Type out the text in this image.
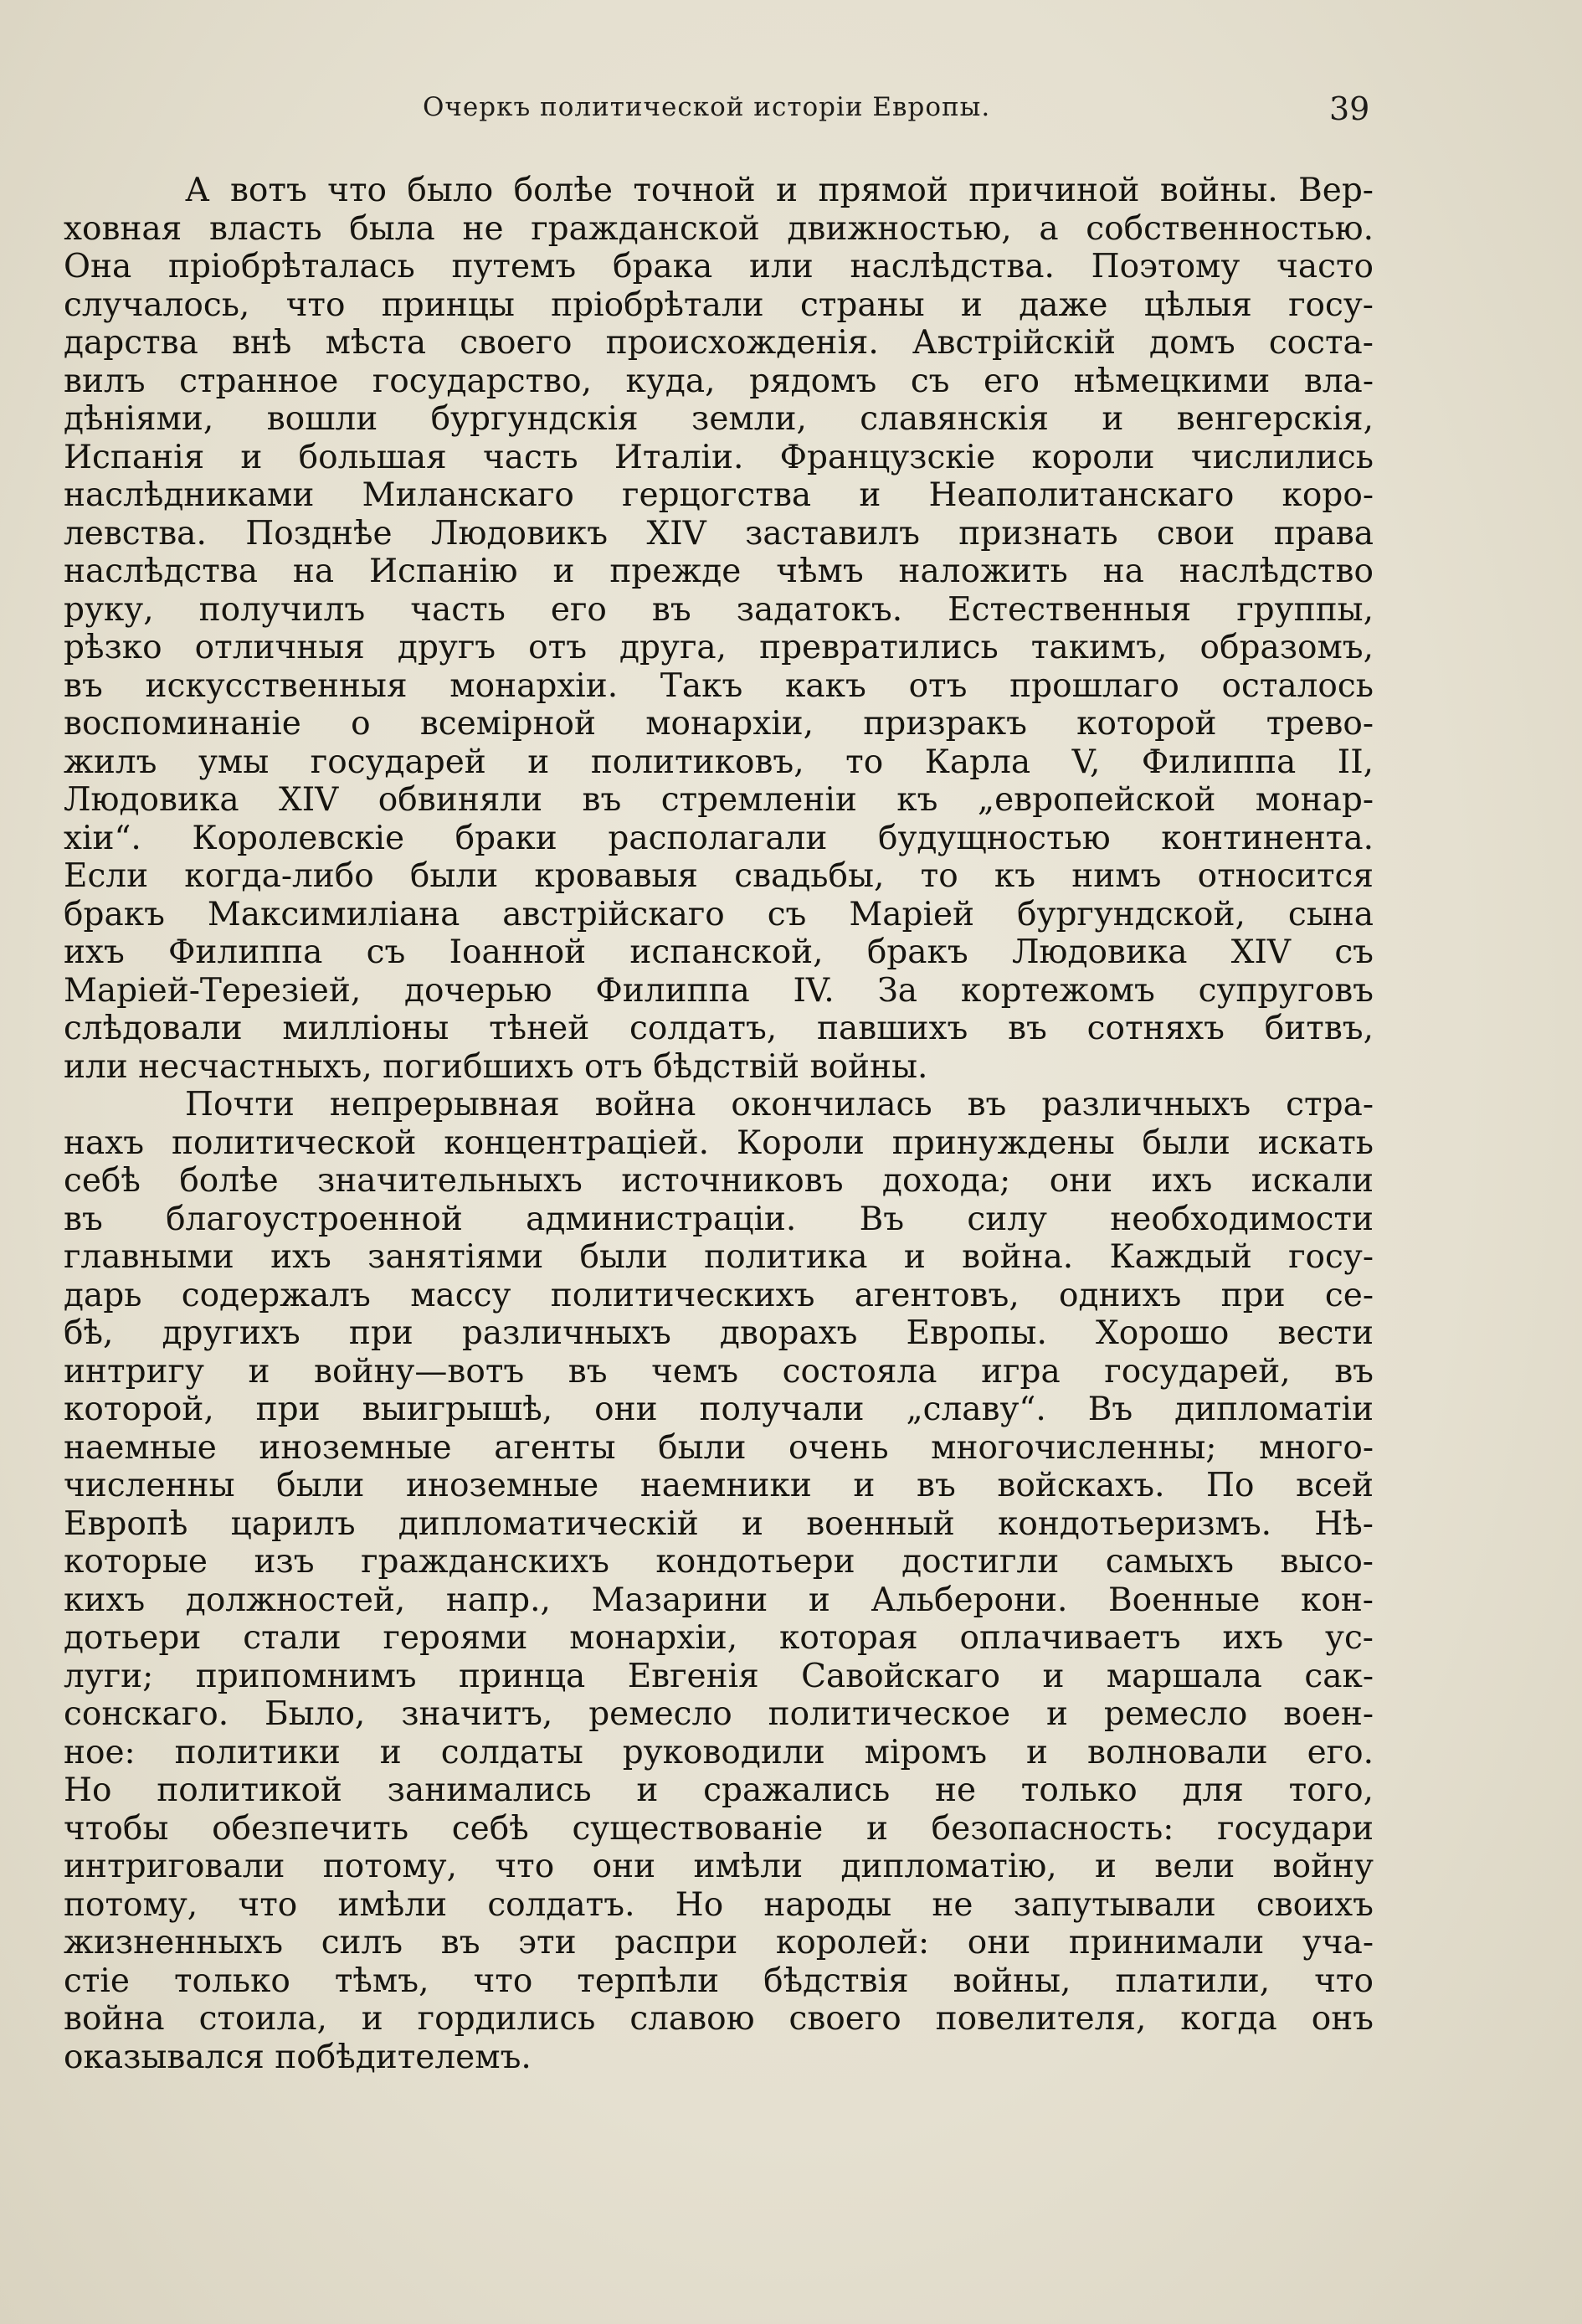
Очеркъ политической исторіи Европы.	39
А вотъ что было болѣе точной и прямой причиной войны. Вер-
ховная власть была не гражданской движностью, а собственностью.
Она пріобрѣталась путемъ брака или наслѣдства. Поэтому часто
случалось, что принцы пріобрѣтали страны и даже цѣлыя госу-
дарства внѣ мѣста своего происхожденія. Австрійскій домъ соста-
вилъ странное государство, куда, рядомъ съ его нѣмецкими вла-
дѣніями, вошли бургундскія земли, славянскія и венгерскія,
Испанія и большая часть Италіи. Французскіе короли числились
наслѣдниками Миланскаго герцогства и Неаполитанскаго коро-
левства. Позднѣе Людовикъ XIV заставилъ признать свои права
наслѣдства на Испанію и прежде чѣмъ наложить на наслѣдство
руку, получилъ часть его въ задатокъ. Естественныя группы,
рѣзко отличныя другъ отъ друга, превратились такимъ, образомъ,
въ искусственныя монархіи. Такъ какъ отъ прошлаго осталось
воспоминаніе о всемірной монархіи, призракъ которой трево-
жилъ умы государей и политиковъ, то Карла V, Филиппа II,
Людовика XIV обвиняли въ стремленіи къ „европейской монар-
хіи“. Королевскіе браки располагали будущностью континента.
Если когда-либо были кровавыя свадьбы, то къ нимъ относится
бракъ Максимиліана австрійскаго съ Маріей бургундской, сына
ихъ Филиппа съ Іоанной испанской, бракъ Людовика XIV съ
Маріей-Терезіей, дочерью Филиппа IV. За кортежомъ супруговъ
слѣдовали милліоны тѣней солдатъ, павшихъ въ сотняхъ битвъ,
или несчастныхъ, погибшихъ отъ бѣдствій войны.
Почти непрерывная война окончилась въ различныхъ стра-
нахъ политической концентраціей. Короли принуждены были искать
себѣ болѣе значительныхъ источниковъ дохода; они ихъ искали
въ благоустроенной администраціи. Въ силу необходимости
главными ихъ занятіями были политика и война. Каждый госу-
дарь содержалъ массу политическихъ агентовъ, однихъ при се-
бѣ, другихъ при различныхъ дворахъ Европы. Хорошо вести
интригу и войну—вотъ въ чемъ состояла игра государей, въ
которой, при выигрышѣ, они получали „славу“. Въ дипломатіи
наемные иноземные агенты были очень многочисленны; много-
численны были иноземные наемники и въ войскахъ. По всей
Европѣ царилъ дипломатическій и военный кондотьеризмъ. Нѣ-
которые изъ гражданскихъ кондотьери достигли самыхъ высо-
кихъ должностей, напр., Мазарини и Альберони. Военные кон-
дотьери стали героями монархіи, которая оплачиваетъ ихъ ус-
луги; припомнимъ принца Евгенія Савойскаго и маршала сак-
сонскаго. Было, значитъ, ремесло политическое и ремесло воен-
ное: политики и солдаты руководили міромъ и волновали его.
Но политикой занимались и сражались не только для того,
чтобы обезпечить себѣ существованіе и безопасность: государи
интриговали потому, что они имѣли дипломатію, и вели войну
потому, что имѣли солдатъ. Но народы не запутывали своихъ
жизненныхъ силъ въ эти распри королей: они принимали уча-
стіе только тѣмъ, что терпѣли бѣдствія войны, платили, что
война стоила, и гордились славою своего повелителя, когда онъ
оказывался побѣдителемъ.
